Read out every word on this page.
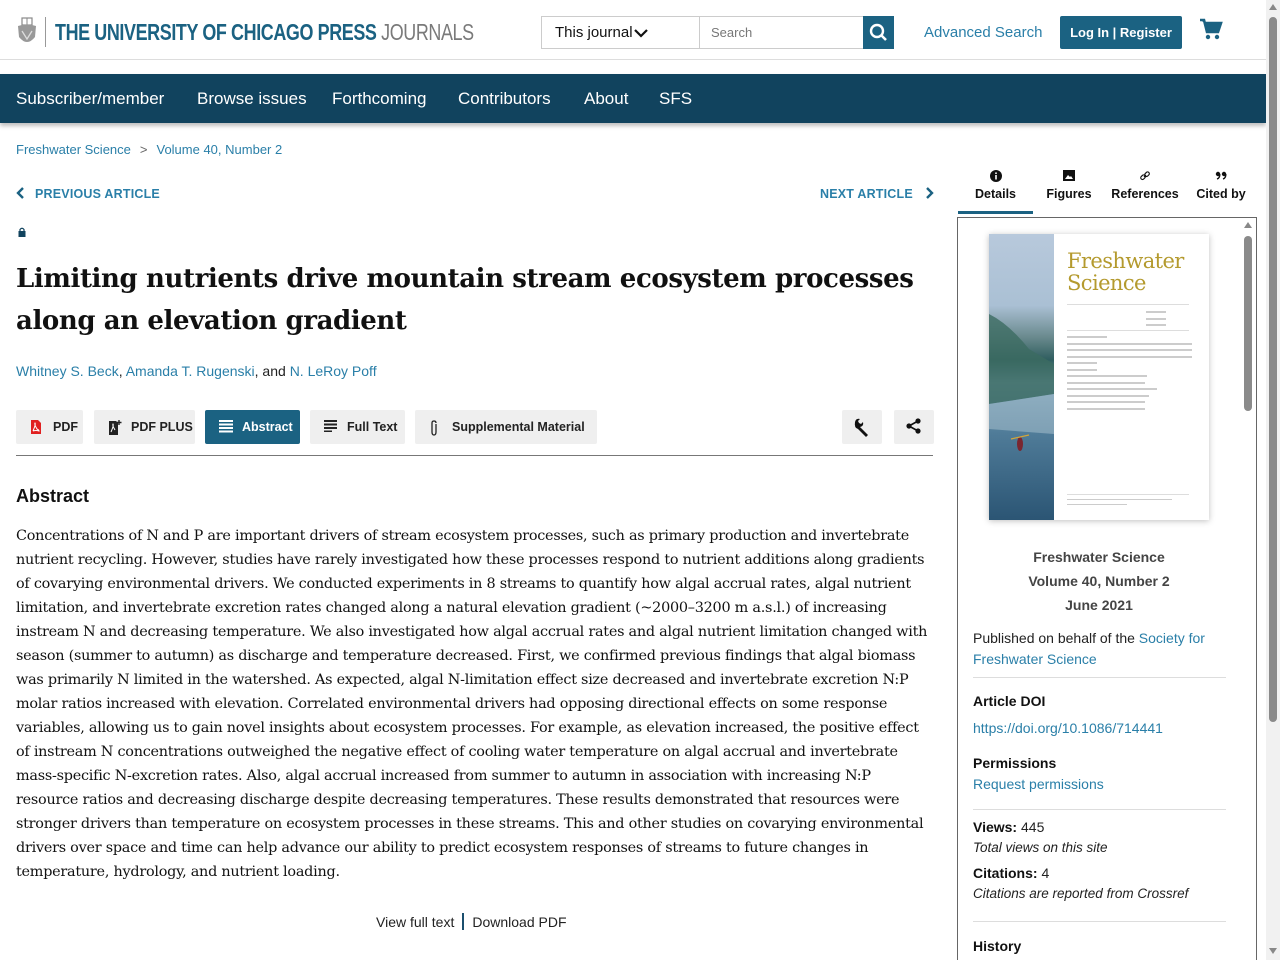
THE UNIVERSITY OF CHICAGO PRESS JOURNALS	This journal	Search	Advanced Search	Log In | Register
Subscriber/member Browse issues Forthcoming Contributors About SFS
Freshwater Science > Volume 40, Number 2
PREVIOUS ARTICLE	NEXT ARTICLE
Limiting nutrients drive mountain stream ecosystem processes along an elevation gradient
Whitney S. Beck, Amanda T. Rugenski, and N. LeRoy Poff
PDF	PDF PLUS	Abstract	Full Text	Supplemental Material
Abstract

Concentrations of N and P are important drivers of stream ecosystem processes, such as primary production and invertebrate nutrient recycling. However, studies have rarely investigated how these processes respond to nutrient additions along gradients of covarying environmental drivers. We conducted experiments in 8 streams to quantify how algal accrual rates, algal nutrient limitation, and invertebrate excretion rates changed along a natural elevation gradient (~2000–3200 m a.s.l.) of increasing instream N and decreasing temperature. We also investigated how algal accrual rates and algal nutrient limitation changed with season (summer to autumn) as discharge and temperature decreased. First, we confirmed previous findings that algal biomass was primarily N limited in the watershed. As expected, algal N-limitation effect size decreased and invertebrate excretion N:P molar ratios increased with elevation. Correlated environmental drivers had opposing directional effects on some response variables, allowing us to gain novel insights about ecosystem processes. For example, as elevation increased, the positive effect of instream N concentrations outweighed the negative effect of cooling water temperature on algal accrual and invertebrate mass-specific N-excretion rates. Also, algal accrual increased from summer to autumn in association with increasing N:P resource ratios and decreasing discharge despite decreasing temperatures. These results demonstrated that resources were stronger drivers than temperature on ecosystem processes in these streams. This and other studies on covarying environmental drivers over space and time can help advance our ability to predict ecosystem responses of streams to future changes in temperature, hydrology, and nutrient loading.

View full text Download PDF
Details	Figures	References	Cited by
Freshwater
Science
Freshwater Science
Volume 40, Number 2
June 2021
Published on behalf of the Society for Freshwater Science
Article DOI
https://doi.org/10.1086/714441
Permissions
Request permissions
Views: 445
Total views on this site
Citations: 4
Citations are reported from Crossref
History
